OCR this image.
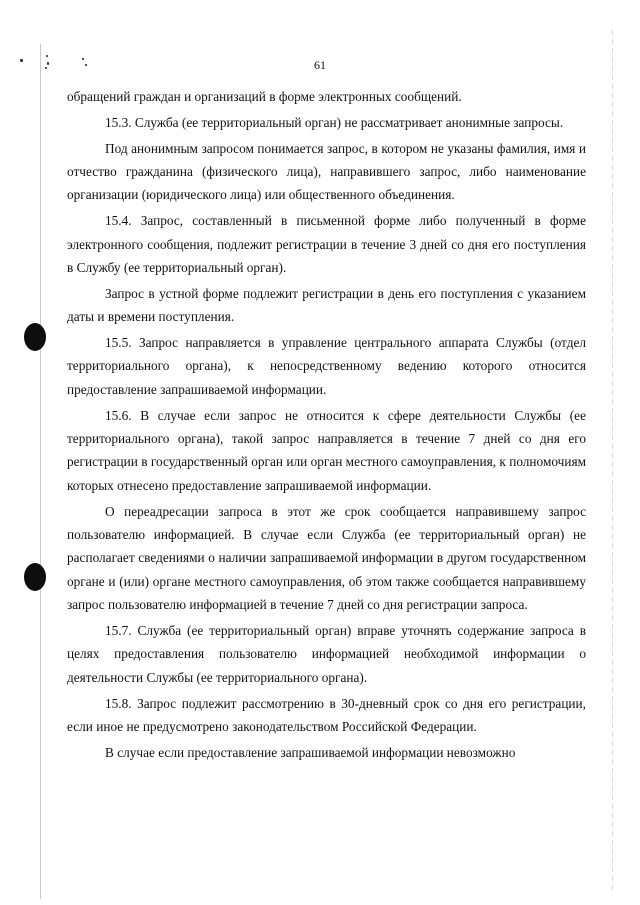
61

обращений граждан и организаций в форме электронных сообщений.

15.3. Служба (ее территориальный орган) не рассматривает анонимные запросы.

Под анонимным запросом понимается запрос, в котором не указаны фамилия, имя и отчество гражданина (физического лица), направившего запрос, либо наименование организации (юридического лица) или общественного объединения.

15.4. Запрос, составленный в письменной форме либо полученный в форме электронного сообщения, подлежит регистрации в течение 3 дней со дня его поступления в Службу (ее территориальный орган).

Запрос в устной форме подлежит регистрации в день его поступления с указанием даты и времени поступления.

15.5. Запрос направляется в управление центрального аппарата Службы (отдел территориального органа), к непосредственному ведению которого относится предоставление запрашиваемой информации.

15.6. В случае если запрос не относится к сфере деятельности Службы (ее территориального органа), такой запрос направляется в течение 7 дней со дня его регистрации в государственный орган или орган местного самоуправления, к полномочиям которых отнесено предоставление запрашиваемой информации.

О переадресации запроса в этот же срок сообщается направившему запрос пользователю информацией. В случае если Служба (ее территориальный орган) не располагает сведениями о наличии запрашиваемой информации в другом государственном органе и (или) органе местного самоуправления, об этом также сообщается направившему запрос пользователю информацией в течение 7 дней со дня регистрации запроса.

15.7. Служба (ее территориальный орган) вправе уточнять содержание запроса в целях предоставления пользователю информацией необходимой информации о деятельности Службы (ее территориального органа).

15.8. Запрос подлежит рассмотрению в 30-дневный срок со дня его регистрации, если иное не предусмотрено законодательством Российской Федерации.

В случае если предоставление запрашиваемой информации невозможно
